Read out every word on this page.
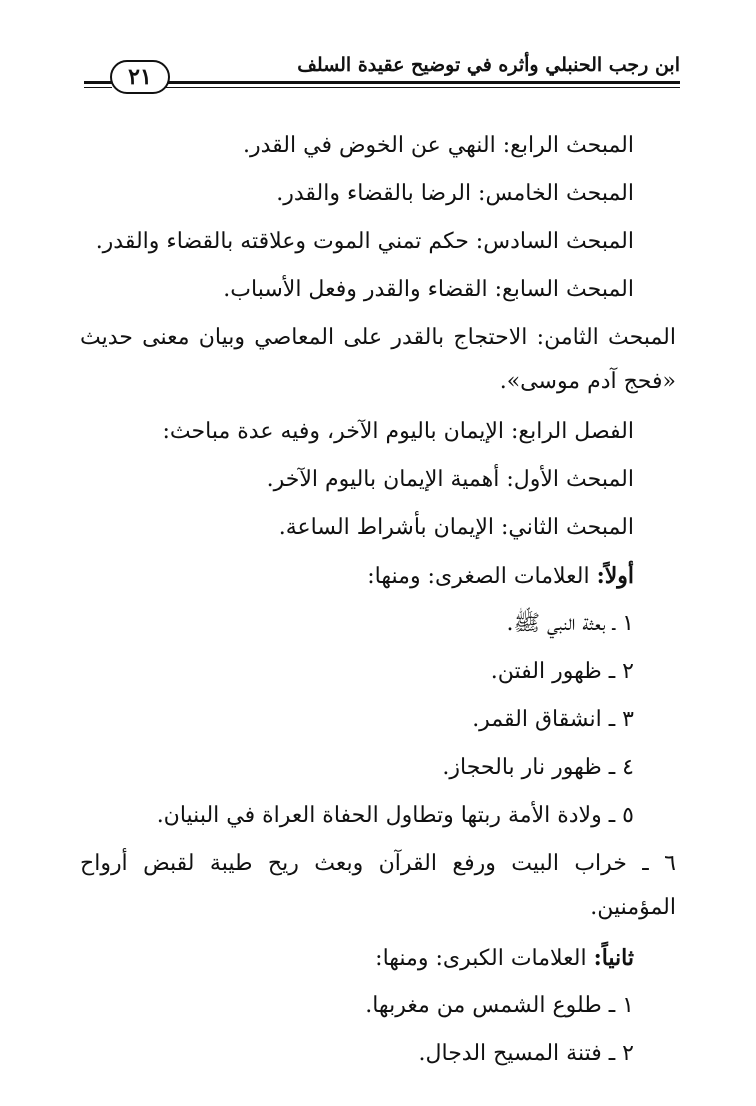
ابن رجب الحنبلي وأثره في توضيح عقيدة السلف
٢١
المبحث الرابع: النهي عن الخوض في القدر.
المبحث الخامس: الرضا بالقضاء والقدر.
المبحث السادس: حكم تمني الموت وعلاقته بالقضاء والقدر.
المبحث السابع: القضاء والقدر وفعل الأسباب.
المبحث الثامن: الاحتجاج بالقدر على المعاصي وبيان معنى حديث
«فحج آدم موسى».
الفصل الرابع: الإيمان باليوم الآخر، وفيه عدة مباحث:
المبحث الأول: أهمية الإيمان باليوم الآخر.
المبحث الثاني: الإيمان بأشراط الساعة.
أولاً: العلامات الصغرى: ومنها:
١ ـ بعثة النبي ﷺ.
٢ ـ ظهور الفتن.
٣ ـ انشقاق القمر.
٤ ـ ظهور نار بالحجاز.
٥ ـ ولادة الأمة ربتها وتطاول الحفاة العراة في البنيان.
٦ ـ خراب البيت ورفع القرآن وبعث ريح طيبة لقبض أرواح
المؤمنين.
ثانياً: العلامات الكبرى: ومنها:
١ ـ طلوع الشمس من مغربها.
٢ ـ فتنة المسيح الدجال.
